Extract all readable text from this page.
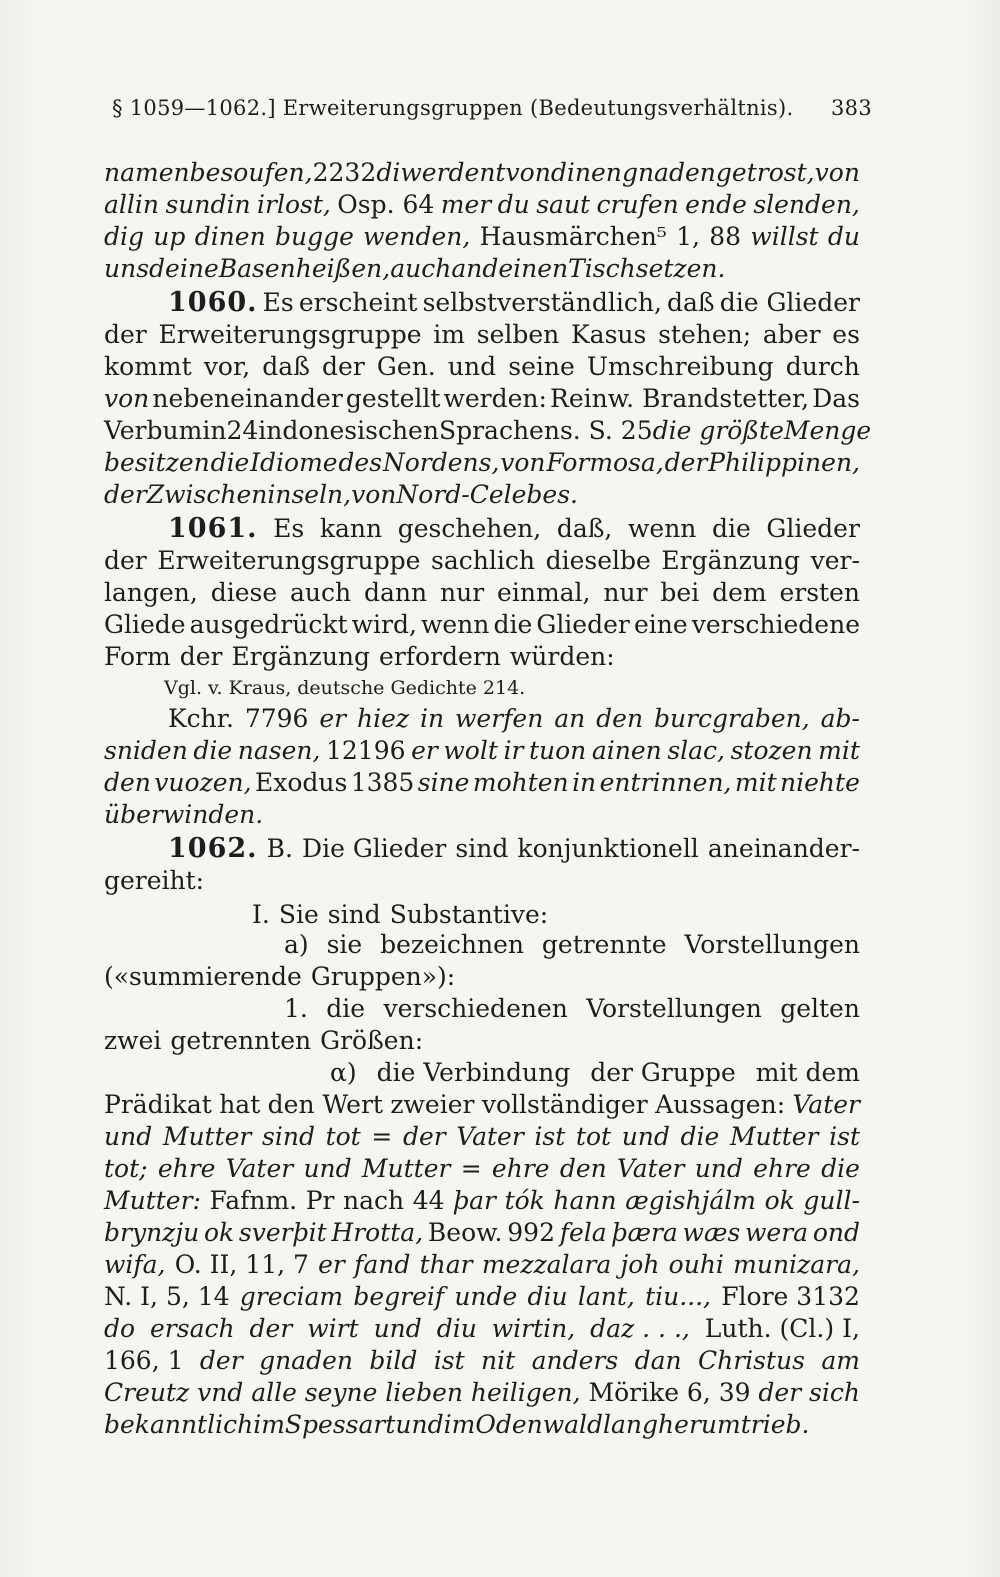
§ 1059—1062.] Erweiterungsgruppen (Bedeutungsverhältnis). 383
namen besoufen, 2232 di werdent von dinen gnaden getrost, von
allin sundin irlost, Osp. 64 mer du saut crufen ende slenden,
dig up dinen bugge wenden, Hausmärchen⁵ 1, 88 willst du
uns deine Basen heißen, auch an deinen Tisch setzen.
1060. Es erscheint selbstverständlich, daß die Glieder
der Erweiterungsgruppe im selben Kasus stehen; aber es
kommt vor, daß der Gen. und seine Umschreibung durch
von nebeneinander gestellt werden: Reinw. Brandstetter, Das
Verbum in 24 indonesischen Sprachen s. S. 25 die größte Menge
besitzen die Idiome des Nordens, von Formosa, der Philippinen,
der Zwischeninseln, von Nord-Celebes.
1061. Es kann geschehen, daß, wenn die Glieder
der Erweiterungsgruppe sachlich dieselbe Ergänzung ver-
langen, diese auch dann nur einmal, nur bei dem ersten
Gliede ausgedrückt wird, wenn die Glieder eine verschiedene
Form der Ergänzung erfordern würden:
Vgl. v. Kraus, deutsche Gedichte 214.
Kchr. 7796 er hiez in werfen an den burcgraben, ab-
sniden die nasen, 12196 er wolt ir tuon ainen slac, stozen mit
den vuozen, Exodus 1385 sine mohten in entrinnen, mit niehte
überwinden.
1062. B. Die Glieder sind konjunktionell aneinander-
gereiht:
I. Sie sind Substantive:
a) sie bezeichnen getrennte Vorstellungen
(«summierende Gruppen»):
1. die verschiedenen Vorstellungen gelten
zwei getrennten Größen:
α) die Verbindung der Gruppe mit dem
Prädikat hat den Wert zweier vollständiger Aussagen: Vater
und Mutter sind tot = der Vater ist tot und die Mutter ist
tot; ehre Vater und Mutter = ehre den Vater und ehre die
Mutter: Fafnm. Pr nach 44 þar tók hann ægishjálm ok gull-
brynzju ok sverþit Hrotta, Beow. 992 fela þæra wæs wera ond
wifa, O. II, 11, 7 er fand thar mezzalara joh ouhi munizara,
N. I, 5, 14 greciam begreif unde diu lant, tiu..., Flore 3132
do ersach der wirt und diu wirtin, daz . . ., Luth. (Cl.) I,
166, 1 der gnaden bild ist nit anders dan Christus am
Creutz vnd alle seyne lieben heiligen, Mörike 6, 39 der sich
bekanntlich im Spessart und im Odenwald lang herumtrieb.
